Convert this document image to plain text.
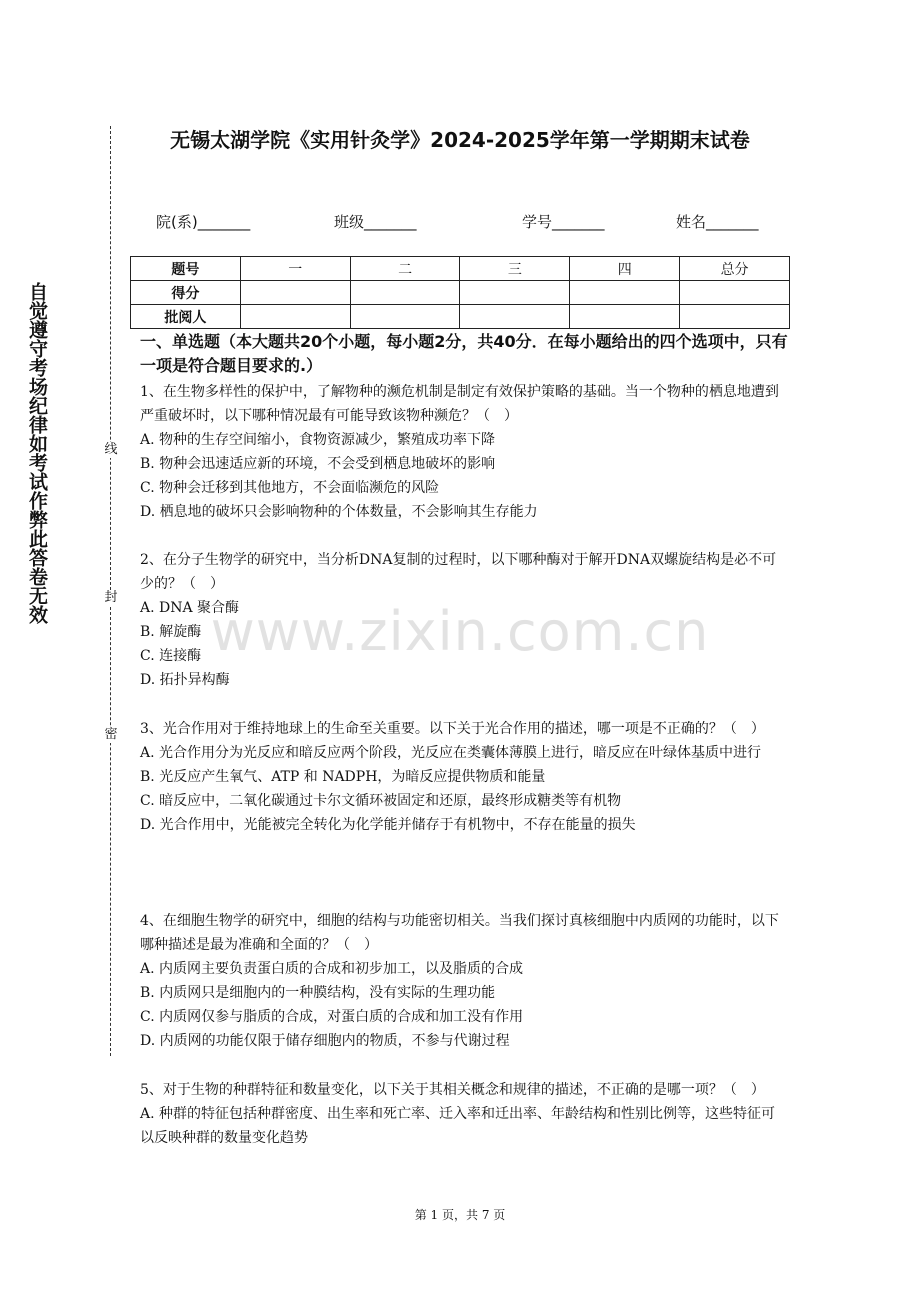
自觉遵守考场纪律如考试作弊此答卷无效	线
封
密
无锡太湖学院《实用针灸学》2024-2025学年第一学期期末试卷
院(系)_______	班级_______	学号_______	姓名_______
题号	一	二	三	四	总分
得分					
批阅人					
一、单选题（本大题共20个小题，每小题2分，共40分．在每小题给出的四个选项中，只有一项是符合题目要求的.）

1、在生物多样性的保护中，了解物种的濒危机制是制定有效保护策略的基础。当一个物种的栖息地遭到严重破坏时，以下哪种情况最有可能导致该物种濒危？（　）

A. 物种的生存空间缩小，食物资源减少，繁殖成功率下降

B. 物种会迅速适应新的环境，不会受到栖息地破坏的影响

C. 物种会迁移到其他地方，不会面临濒危的风险

D. 栖息地的破坏只会影响物种的个体数量，不会影响其生存能力

2、在分子生物学的研究中，当分析DNA复制的过程时，以下哪种酶对于解开DNA双螺旋结构是必不可少的？（　）

A. DNA 聚合酶

B. 解旋酶

C. 连接酶

D. 拓扑异构酶

3、光合作用对于维持地球上的生命至关重要。以下关于光合作用的描述，哪一项是不正确的？（　）

A. 光合作用分为光反应和暗反应两个阶段，光反应在类囊体薄膜上进行，暗反应在叶绿体基质中进行

B. 光反应产生氧气、ATP 和 NADPH，为暗反应提供物质和能量

C. 暗反应中，二氧化碳通过卡尔文循环被固定和还原，最终形成糖类等有机物

D. 光合作用中，光能被完全转化为化学能并储存于有机物中，不存在能量的损失

4、在细胞生物学的研究中，细胞的结构与功能密切相关。当我们探讨真核细胞中内质网的功能时，以下哪种描述是最为准确和全面的？（　）

A. 内质网主要负责蛋白质的合成和初步加工，以及脂质的合成

B. 内质网只是细胞内的一种膜结构，没有实际的生理功能

C. 内质网仅参与脂质的合成，对蛋白质的合成和加工没有作用

D. 内质网的功能仅限于储存细胞内的物质，不参与代谢过程

5、对于生物的种群特征和数量变化，以下关于其相关概念和规律的描述，不正确的是哪一项？（　）

A. 种群的特征包括种群密度、出生率和死亡率、迁入率和迁出率、年龄结构和性别比例等，这些特征可以反映种群的数量变化趋势

www.zixin.com.cn
第 1 页，共 7 页
